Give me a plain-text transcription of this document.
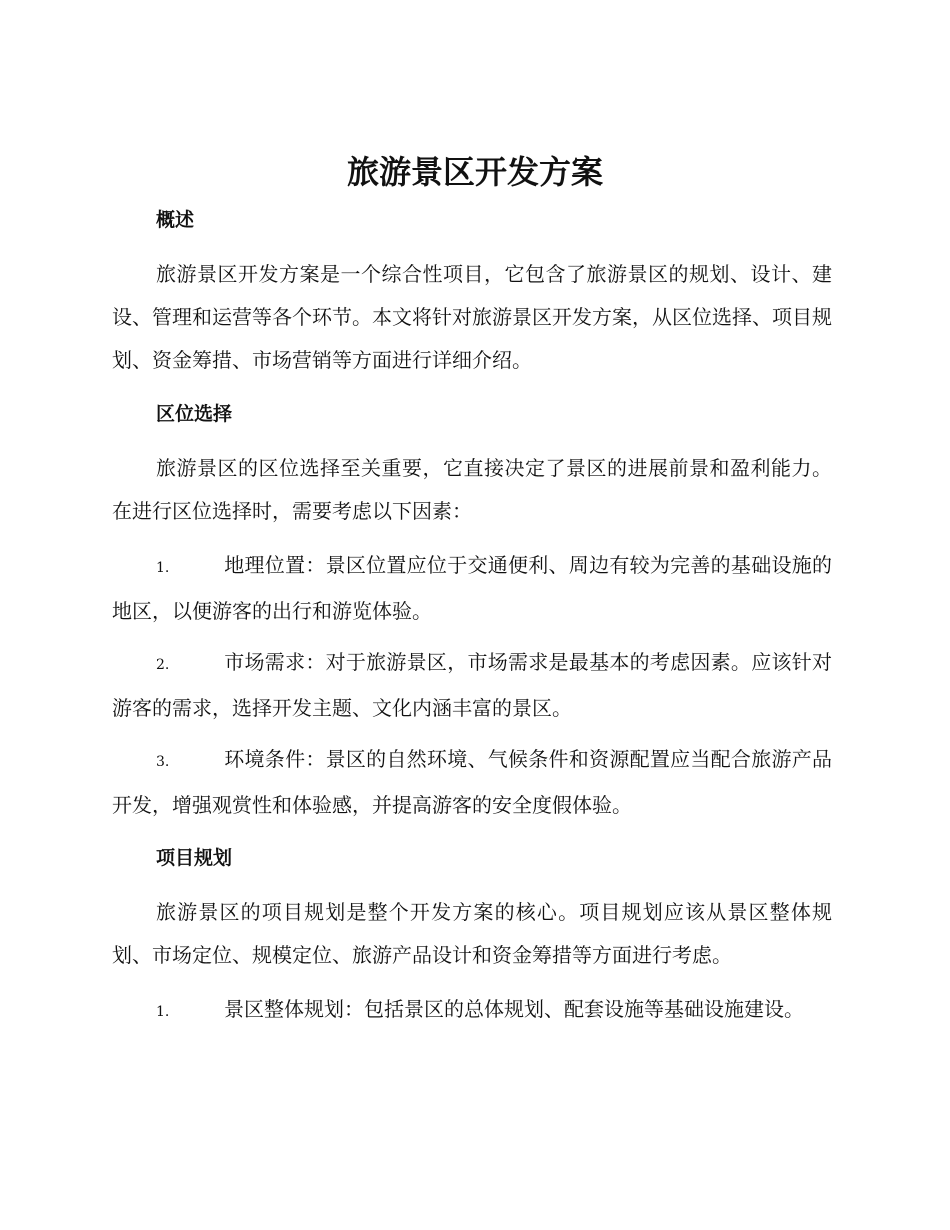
旅游景区开发方案
概述

旅游景区开发方案是一个综合性项目，它包含了旅游景区的规划、设计、建设、管理和运营等各个环节。本文将针对旅游景区开发方案，从区位选择、项目规划、资金筹措、市场营销等方面进行详细介绍。

区位选择

旅游景区的区位选择至关重要，它直接决定了景区的进展前景和盈利能力。在进行区位选择时，需要考虑以下因素：

1.	地理位置：景区位置应位于交通便利、周边有较为完善的基础设施的地区，以便游客的出行和游览体验。

2.	市场需求：对于旅游景区，市场需求是最基本的考虑因素。应该针对游客的需求，选择开发主题、文化内涵丰富的景区。

3.	环境条件：景区的自然环境、气候条件和资源配置应当配合旅游产品开发，增强观赏性和体验感，并提高游客的安全度假体验。

项目规划

旅游景区的项目规划是整个开发方案的核心。项目规划应该从景区整体规划、市场定位、规模定位、旅游产品设计和资金筹措等方面进行考虑。

1.	景区整体规划：包括景区的总体规划、配套设施等基础设施建设。
